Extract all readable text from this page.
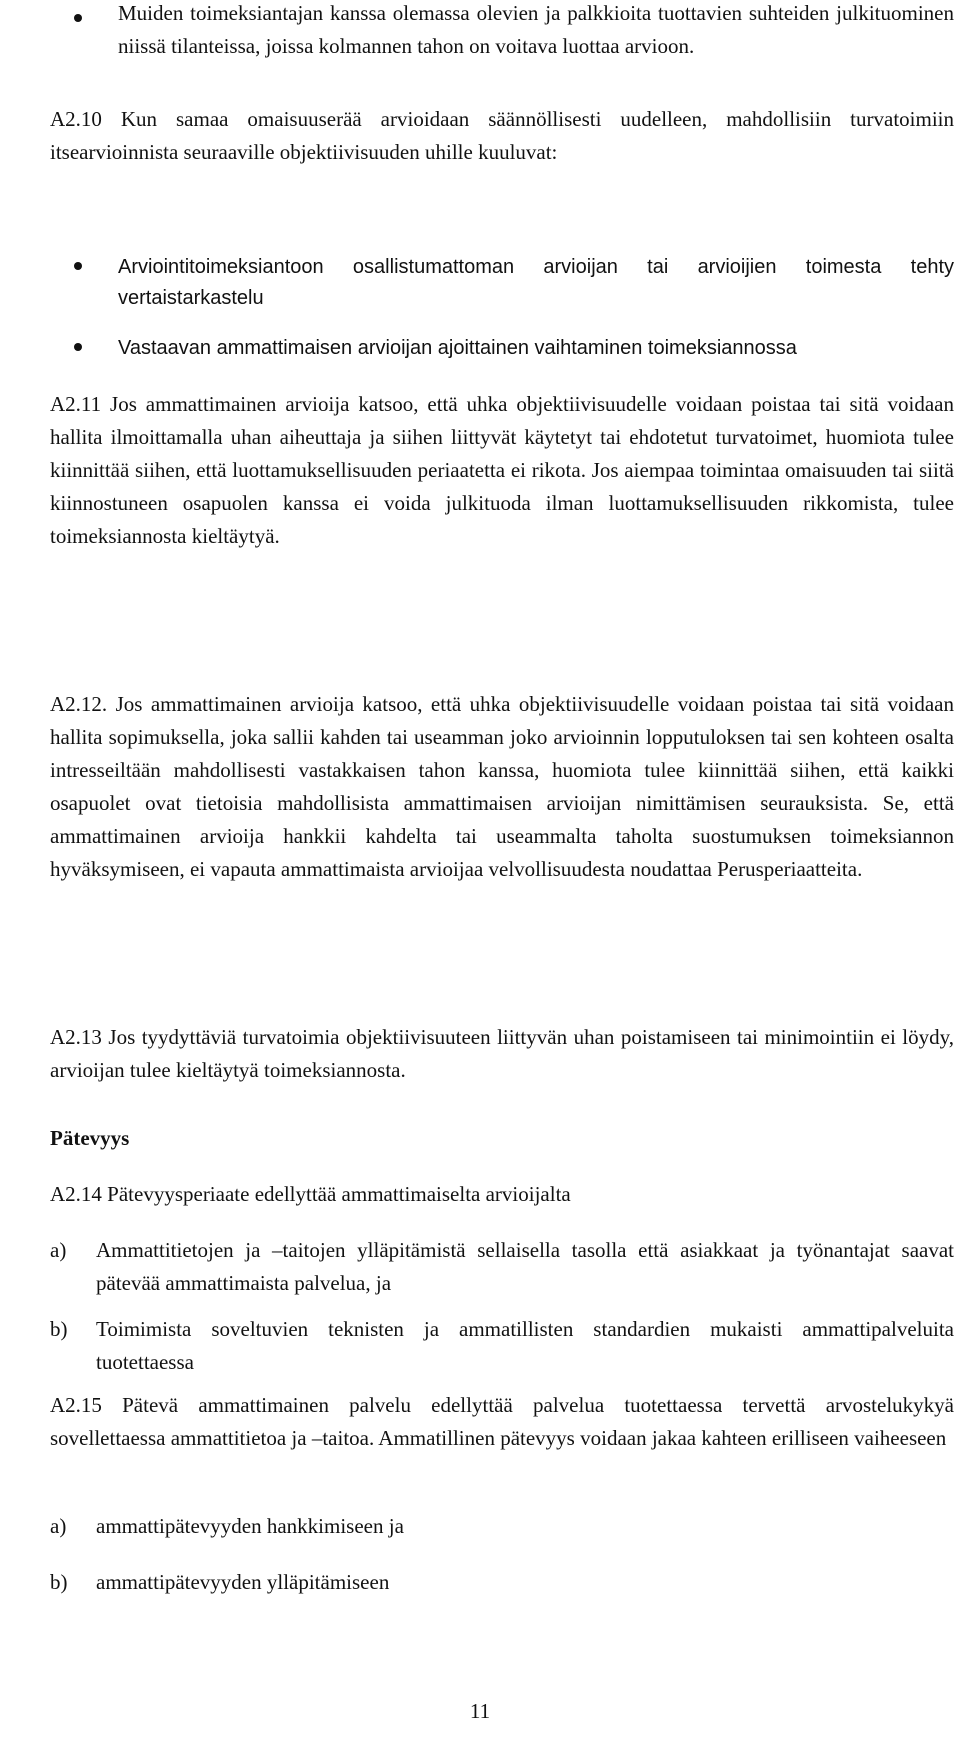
Muiden toimeksiantajan kanssa olemassa olevien ja palkkioita tuottavien suhteiden julkituominen niissä tilanteissa, joissa kolmannen tahon on voitava luottaa arvioon.
A2.10 Kun samaa omaisuuserää arvioidaan säännöllisesti uudelleen, mahdollisiin turvatoimiin itsearvioinnista seuraaville objektiivisuuden uhille kuuluvat:
Arviointitoimeksiantoon osallistumattoman arvioijan tai arvioijien toimesta tehty vertaistarkastelu
Vastaavan ammattimaisen arvioijan ajoittainen vaihtaminen toimeksiannossa
A2.11 Jos ammattimainen arvioija katsoo, että uhka objektiivisuudelle voidaan poistaa tai sitä voidaan hallita ilmoittamalla uhan aiheuttaja ja siihen liittyvät käytetyt tai ehdotetut turvatoimet, huomiota tulee kiinnittää siihen, että luottamuksellisuuden periaatetta ei rikota. Jos aiempaa toimintaa omaisuuden tai siitä kiinnostuneen osapuolen kanssa ei voida julkituoda ilman luottamuksellisuuden rikkomista, tulee toimeksiannosta kieltäytyä.
A2.12. Jos ammattimainen arvioija katsoo, että uhka objektiivisuudelle voidaan poistaa tai sitä voidaan hallita sopimuksella, joka sallii kahden tai useamman joko arvioinnin lopputuloksen tai sen kohteen osalta intresseiltään mahdollisesti vastakkaisen tahon kanssa, huomiota tulee kiinnittää siihen, että kaikki osapuolet ovat tietoisia mahdollisista ammattimaisen arvioijan nimittämisen seurauksista. Se, että ammattimainen arvioija hankkii kahdelta tai useammalta taholta suostumuksen toimeksiannon hyväksymiseen, ei vapauta ammattimaista arvioijaa velvollisuudesta noudattaa Perusperiaatteita.
A2.13 Jos tyydyttäviä turvatoimia objektiivisuuteen liittyvän uhan poistamiseen tai minimointiin ei löydy, arvioijan tulee kieltäytyä toimeksiannosta.
Pätevyys
A2.14 Pätevyysperiaate edellyttää ammattimaiselta arvioijalta
a) Ammattitietojen ja –taitojen ylläpitämistä sellaisella tasolla että asiakkaat ja työnantajat saavat pätevää ammattimaista palvelua, ja
b) Toimimista soveltuvien teknisten ja ammatillisten standardien mukaisti ammattipalveluita tuotettaessa
A2.15 Pätevä ammattimainen palvelu edellyttää palvelua tuotettaessa tervettä arvostelukykyä sovellettaessa ammattitietoa ja –taitoa. Ammatillinen pätevyys voidaan jakaa kahteen erilliseen vaiheeseen
a) ammattipätevyyden hankkimiseen ja
b) ammattipätevyyden ylläpitämiseen
11
